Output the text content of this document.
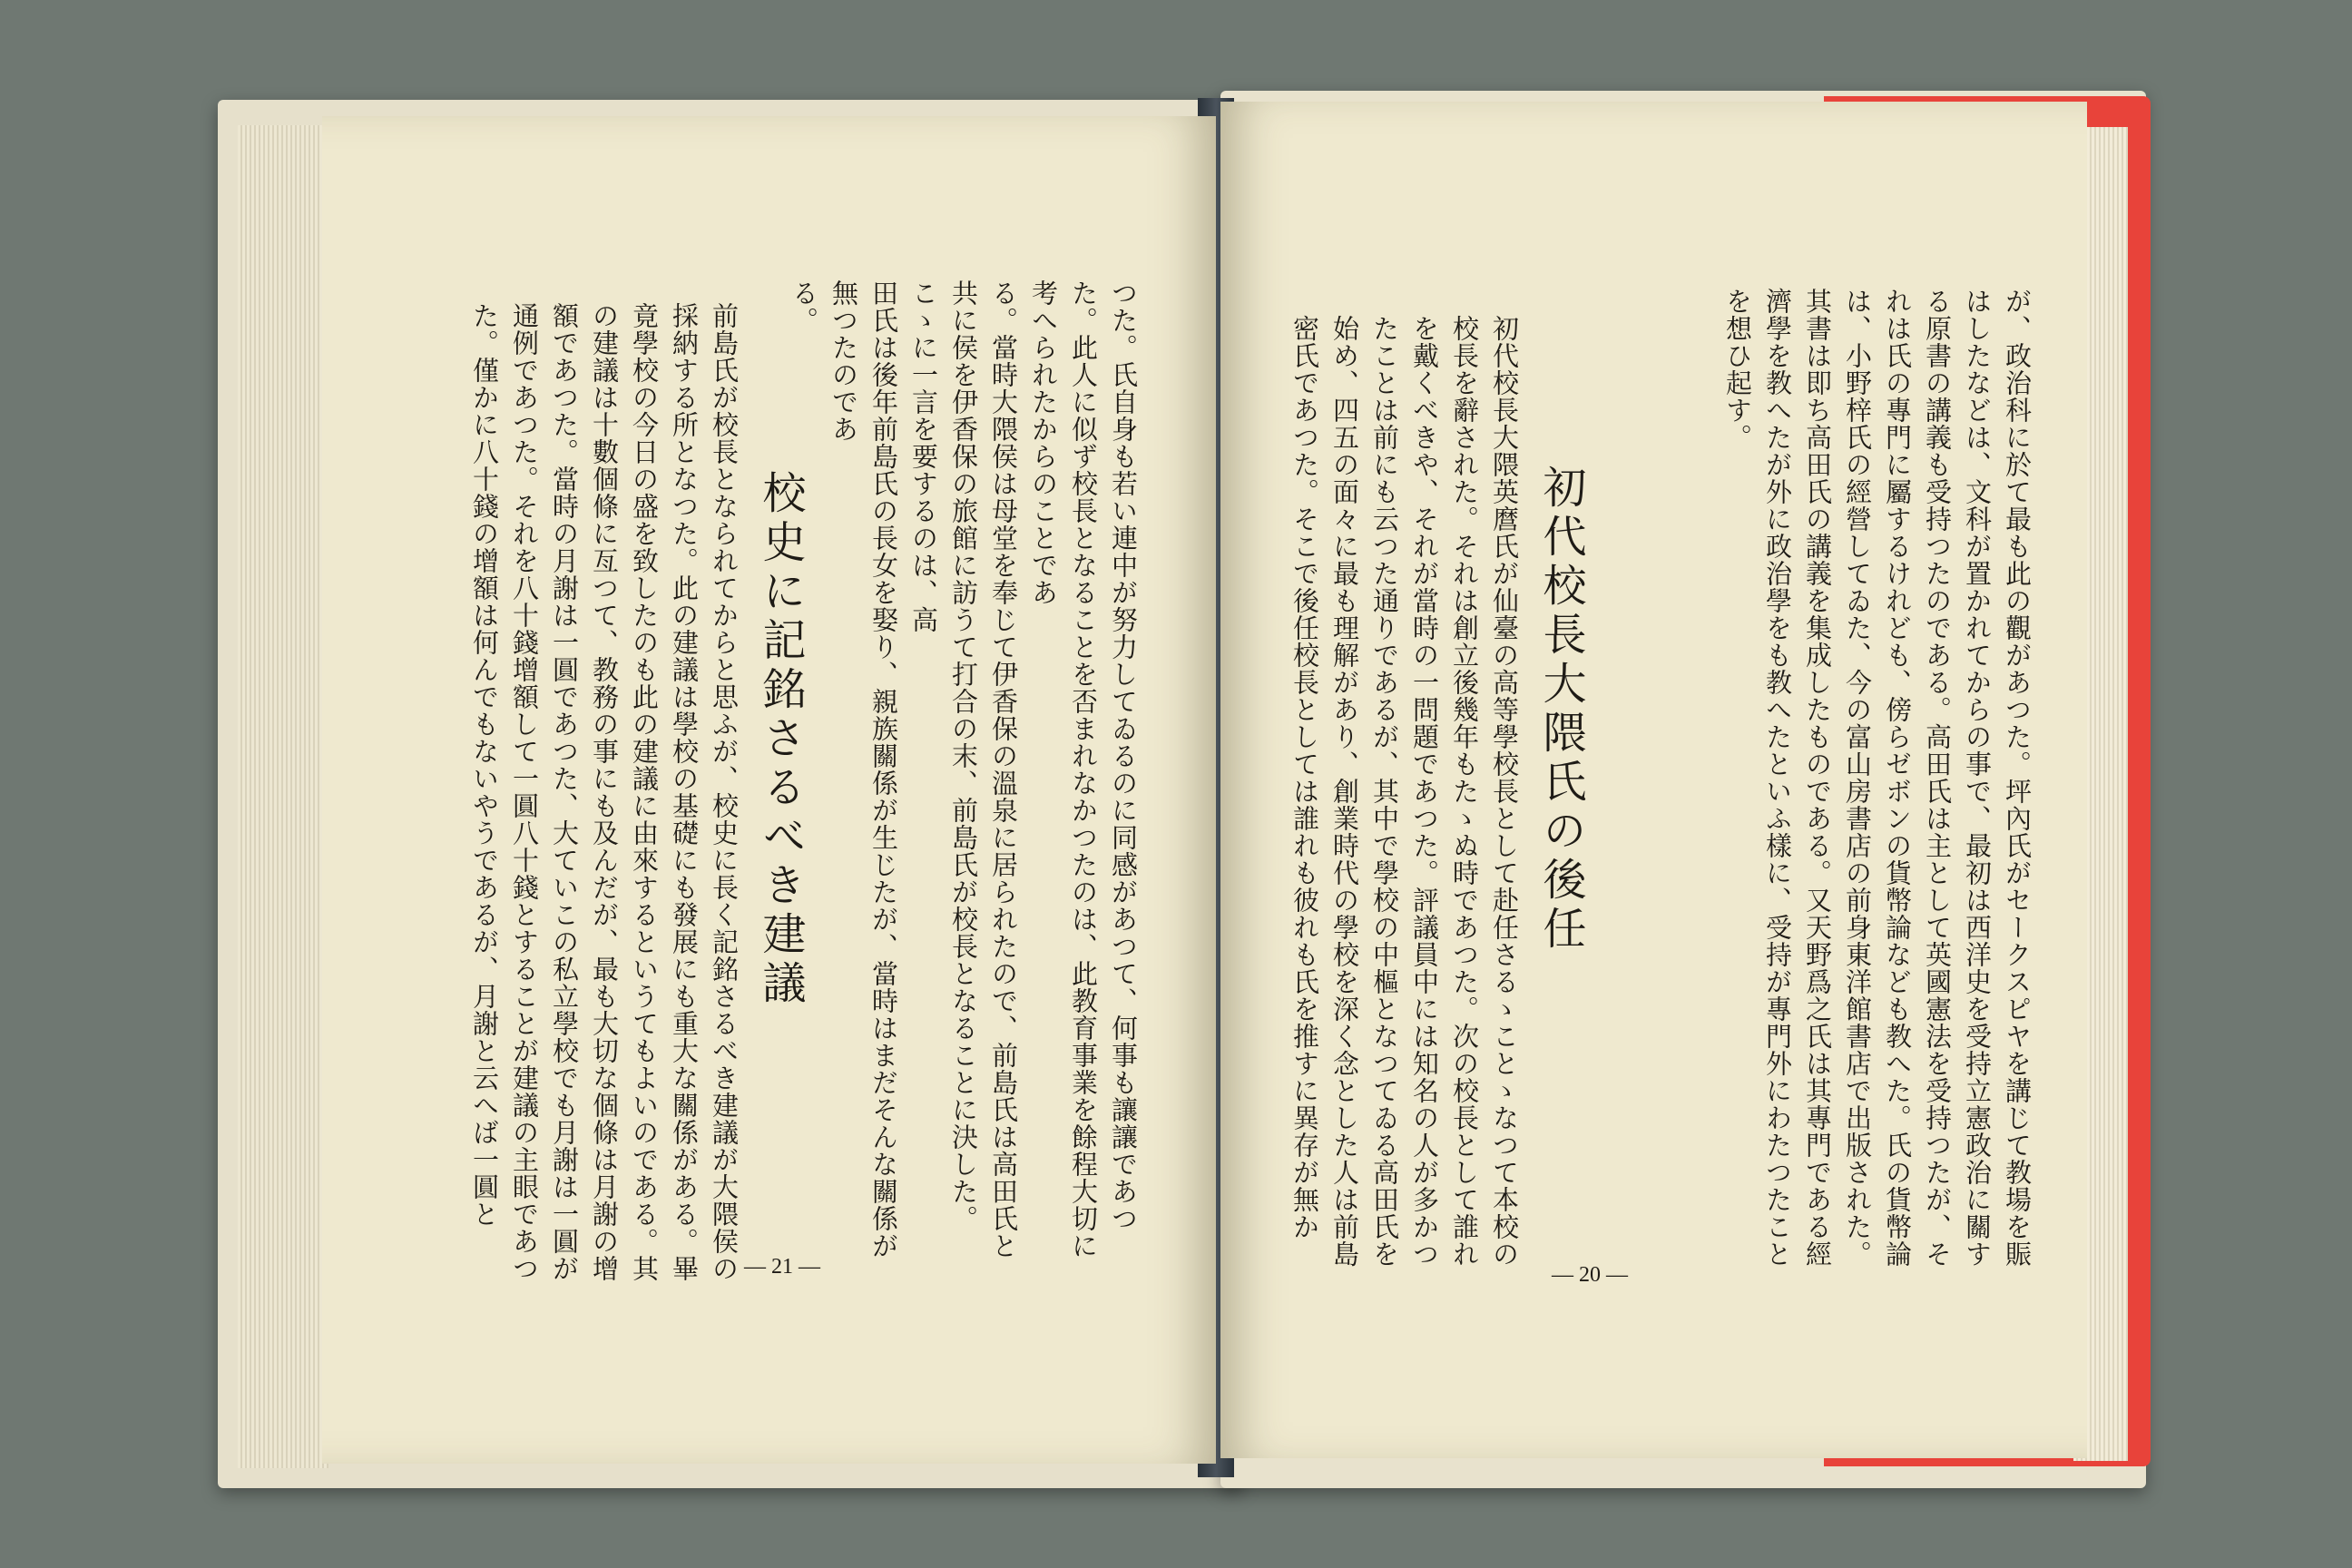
つた。氏自身も若い連中が努力してゐるのに同感があつて、何事も讓讓であつた。此人に似ず校長となることを否まれなかつたのは、此教育事業を餘程大切に考へられたからのことであ

る。當時大隈侯は母堂を奉じて伊香保の溫泉に居られたので、前島氏は高田氏と共に侯を伊香保の旅館に訪うて打合の末、前島氏が校長となることに決した。こゝに一言を要するのは、高

田氏は後年前島氏の長女を娶り、親族關係が生じたが、當時はまだそんな關係が無つたのであ

る。

校史に記銘さるべき建議

前島氏が校長となられてからと思ふが、校史に長く記銘さるべき建議が大隈侯の採納する所となつた。此の建議は學校の基礎にも發展にも重大な關係がある。畢竟學校の今日の盛を致したのも此の建議に由來するというてもよいのである。其の建議は十數個條に亙つて、教務の事にも及んだが、最も大切な個條は月謝の增額であつた。當時の月謝は一圓であつた、大ていこの私立學校でも月謝は一圓が通例であつた。それを八十錢增額して一圓八十錢とすることが建議の主眼であつた。僅かに八十錢の增額は何んでもないやうであるが、月謝と云へば一圓と

— 21 —	が、政治科に於て最も此の觀があつた。坪內氏がセークスピヤを講じて教場を賑はしたなどは、文科が置かれてからの事で、最初は西洋史を受持立憲政治に關する原書の講義も受持つたのである。高田氏は主として英國憲法を受持つたが、それは氏の專門に屬するけれども、傍らゼボンの貨幣論なども教へた。氏の貨幣論は、小野梓氏の經營してゐた、今の富山房書店の前身東洋館書店で出版された。其書は即ち高田氏の講義を集成したものである。又天野爲之氏は其專門である經濟學を教へたが外に政治學をも教へたといふ樣に、受持が專門外にわたつたことを想ひ起す。
初代校長大隈氏の後任
初代校長大隈英麿氏が仙臺の高等學校長として赴任さるゝことゝなつて本校の校長を辭された。それは創立後幾年もたゝぬ時であつた。次の校長として誰れを戴くべきや、それが當時の一問題であつた。評議員中には知名の人が多かつたことは前にも云つた通りであるが、其中で學校の中樞となつてゐる高田氏を始め、四五の面々に最も理解があり、創業時代の學校を深く念とした人は前島密氏であつた。そこで後任校長としては誰れも彼れも氏を推すに異存が無か
— 20 —
